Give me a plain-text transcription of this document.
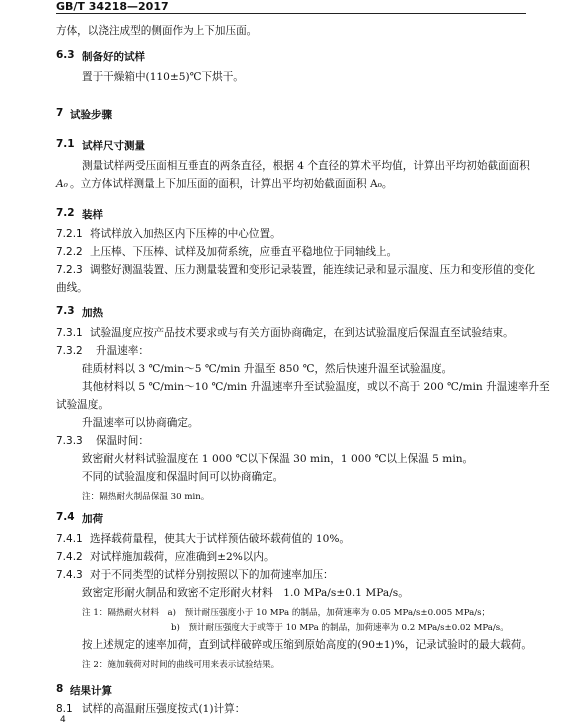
GB/T 34218—2017
方体，以浇注成型的侧面作为上下加压面。
6.3 制备好的试样
置于干燥箱中(110±5)℃下烘干。
7 试验步骤
7.1 试样尺寸测量
测量试样两受压面相互垂直的两条直径，根据 4 个直径的算术平均值，计算出平均初始截面面积
A₀ 。立方体试样测量上下加压面的面积，计算出平均初始截面面积 A₀。
7.2 装样
7.2.1 将试样放入加热区内下压棒的中心位置。
7.2.2 上压棒、下压棒、试样及加荷系统，应垂直平稳地位于同轴线上。
7.2.3 调整好测温装置、压力测量装置和变形记录装置，能连续记录和显示温度、压力和变形值的变化
曲线。
7.3 加热
7.3.1 试验温度应按产品技术要求或与有关方面协商确定，在到达试验温度后保温直至试验结束。
7.3.2 升温速率：
硅质材料以 3 ℃/min～5 ℃/min 升温至 850 ℃，然后快速升温至试验温度。
其他材料以 5 ℃/min～10 ℃/min 升温速率升至试验温度，或以不高于 200 ℃/min 升温速率升至
试验温度。
升温速率可以协商确定。
7.3.3 保温时间：
致密耐火材料试验温度在 1 000 ℃以下保温 30 min，1 000 ℃以上保温 5 min。
不同的试验温度和保温时间可以协商确定。
注：隔热耐火制品保温 30 min。
7.4 加荷
7.4.1 选择载荷量程，使其大于试样预估破坏载荷值的 10%。
7.4.2 对试样施加载荷，应准确到±2%以内。
7.4.3 对于不同类型的试样分别按照以下的加荷速率加压：
致密定形耐火制品和致密不定形耐火材料　1.0 MPa/s±0.1 MPa/s。
注 1：隔热耐火材料　a)　预计耐压强度小于 10 MPa 的制品，加荷速率为 0.05 MPa/s±0.005 MPa/s；
b)　预计耐压强度大于或等于 10 MPa 的制品，加荷速率为 0.2 MPa/s±0.02 MPa/s。
按上述规定的速率加荷，直到试样破碎或压缩到原始高度的(90±1)%，记录试验时的最大载荷。
注 2：施加载荷对时间的曲线可用来表示试验结果。
8 结果计算
8.1 试样的高温耐压强度按式(1)计算：
4
